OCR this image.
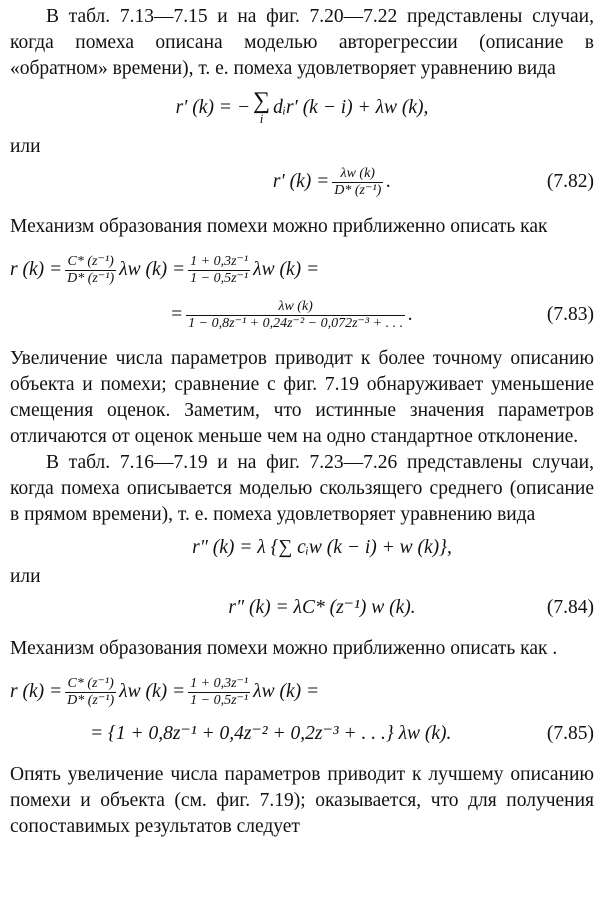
В табл. 7.13—7.15 и на фиг. 7.20—7.22 представлены случаи, когда помеха описана моделью авторегрессии (описание в «обратном» времени), т. е. помеха удовлетворяет уравнению вида

r′ (k) = − ∑
i
dᵢr′ (k − i) + λw (k),

или

r′ $(k) = \frac{\lambda w (k)}{\text{D* (z⁻¹)}}$ .	(7.82)

Механизм образования помехи можно приближенно описать как

r $(k) = \frac{\text{C* (z⁻¹)}}{\text{D* (z⁻¹)}}$ λw $(k) = \frac{\text{1 + 0,3z⁻¹}}{\text{1 − 0,5z⁻¹}}$ λw (k) =
= $\frac{\lambda w (k)}{\text{1 − 0,8z⁻¹ + 0,24z⁻² − 0,072z⁻³ + . . .}}$ .	(7.83)

Увеличение числа параметров приводит к более точному описанию объекта и помехи; сравнение с фиг. 7.19 обнаруживает уменьшение смещения оценок. Заметим, что истинные значения параметров отличаются от оценок меньше чем на одно стандартное отклонение.

В табл. 7.16—7.19 и на фиг. 7.23—7.26 представлены случаи, когда помеха описывается моделью скользящего среднего (описание в прямом времени), т. е. помеха удовлетворяет уравнению вида

r″ (k) = λ {∑ cᵢw (k − i) + w (k)},

или

r″ (k) = λC* (z⁻¹) w (k).	(7.84)

Механизм образования помехи можно приближенно описать как .

r $(k) = \frac{\text{C* (z⁻¹)}}{\text{D* (z⁻¹)}}$ λw $(k) = \frac{\text{1 + 0,3z⁻¹}}{\text{1 − 0,5z⁻¹}}$ λw (k) =
= {1 + 0,8z⁻¹ + 0,4z⁻² + 0,2z⁻³ + . . .} λw (k).	(7.85)

Опять увеличение числа параметров приводит к лучшему описанию помехи и объекта (см. фиг. 7.19); оказывается, что для получения сопоставимых результатов следует
